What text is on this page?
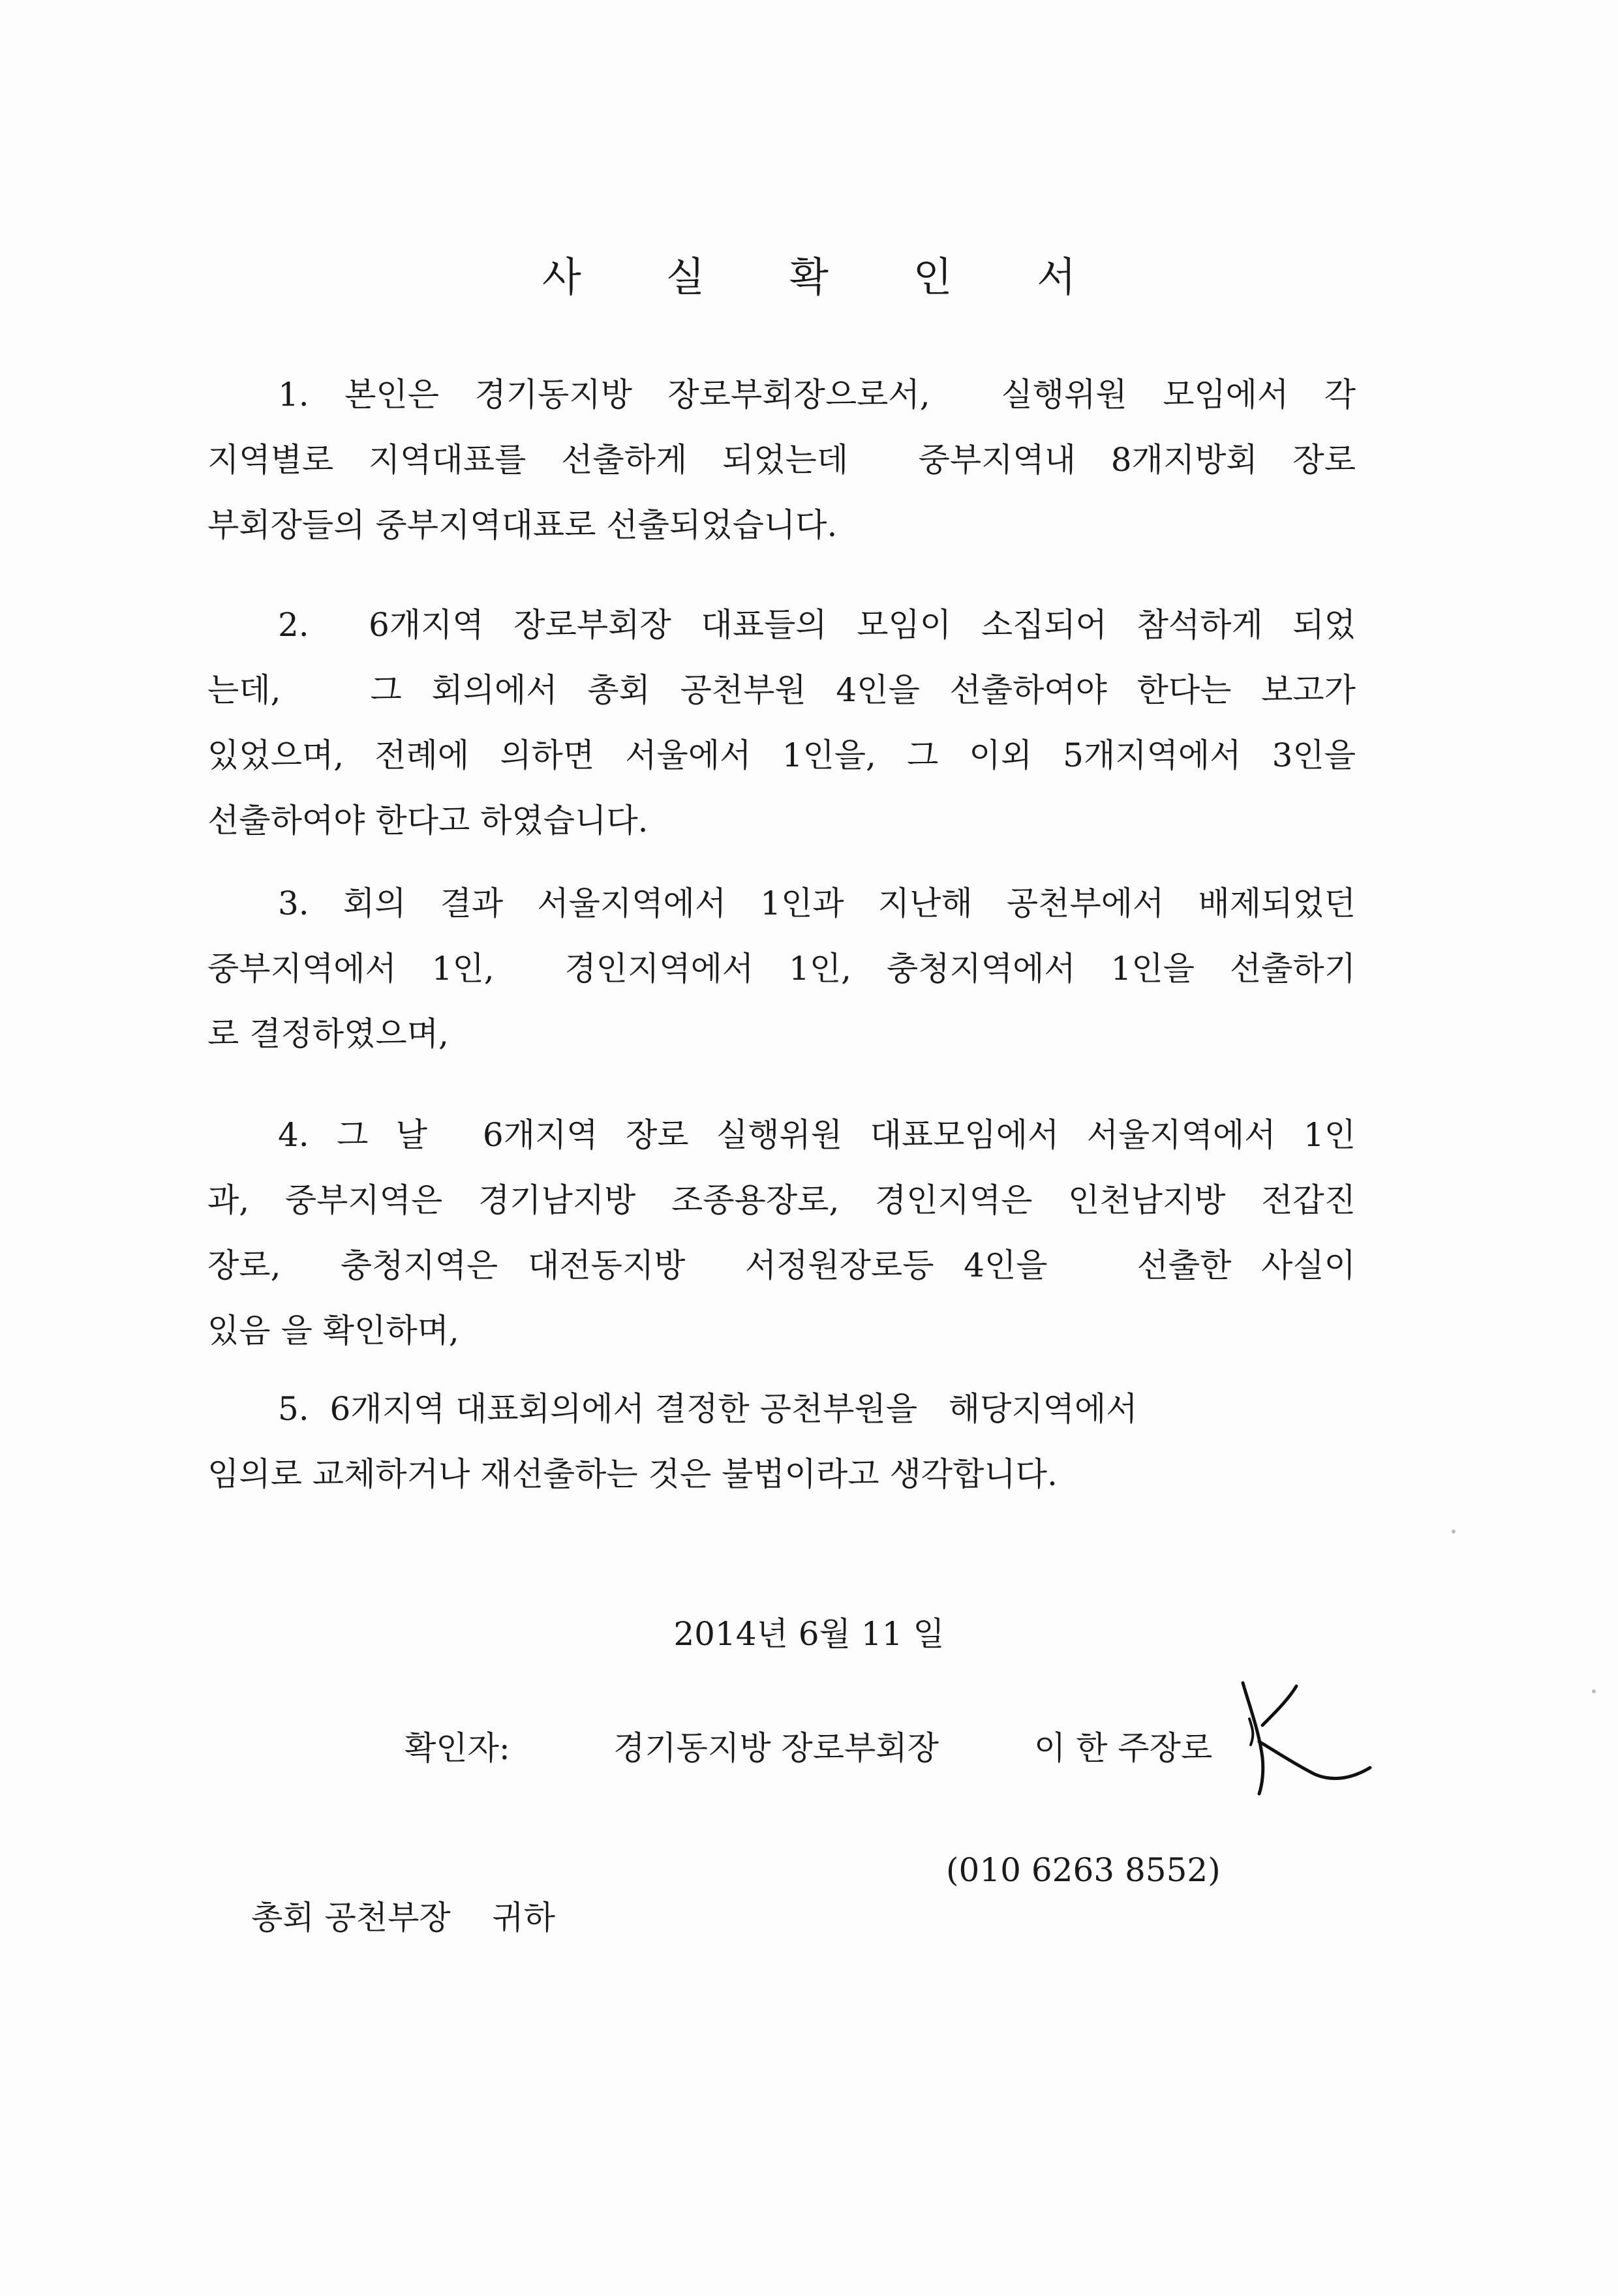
사 실 확 인 서
1. 본인은 경기동지방 장로부회장으로서,  실행위원 모임에서 각
지역별로 지역대표를 선출하게 되었는데  중부지역내 8개지방회 장로
부회장들의 중부지역대표로 선출되었습니다.
2.  6개지역 장로부회장 대표들의 모임이 소집되어 참석하게 되었
는데,   그 회의에서 총회 공천부원 4인을 선출하여야 한다는 보고가
있었으며, 전례에 의하면 서울에서 1인을, 그 이외 5개지역에서 3인을
선출하여야 한다고 하였습니다.
3. 회의 결과 서울지역에서 1인과 지난해 공천부에서 배제되었던
중부지역에서 1인,  경인지역에서 1인, 충청지역에서 1인을 선출하기
로 결정하였으며,
4. 그 날  6개지역 장로 실행위원 대표모임에서 서울지역에서 1인
과, 중부지역은 경기남지방 조종용장로, 경인지역은 인천남지방 전갑진
장로,  충청지역은 대전동지방  서정원장로등 4인을   선출한 사실이
있음 을 확인하며,
5.  6개지역 대표회의에서 결정한 공천부원을   해당지역에서
임의로 교체하거나 재선출하는 것은 불법이라고 생각합니다.
2014년 6월 11 일

확인자:

	경기동지방 장로부회장

	이 한 주장로

(010 6263 8552)
총회 공천부장    귀하
